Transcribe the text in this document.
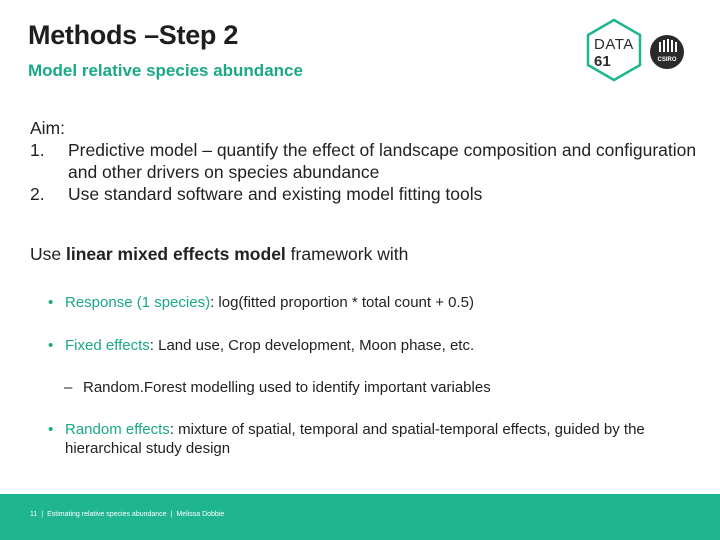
Methods –Step 2
Model relative species abundance
DATA
61	CSIRO

Aim:

1. Predictive model – quantify the effect of landscape composition and configuration and other drivers on species abundance
2. Use standard software and existing model fitting tools

Use linear mixed effects model framework with

• Response (1 species): log(fitted proportion * total count + 0.5)
• Fixed effects: Land use, Crop development, Moon phase, etc.
– Random.Forest modelling used to identify important variables
• Random effects: mixture of spatial, temporal and spatial-temporal effects, guided by the hierarchical study design
11 | Estimating relative species abundance | Melissa Dobbie
